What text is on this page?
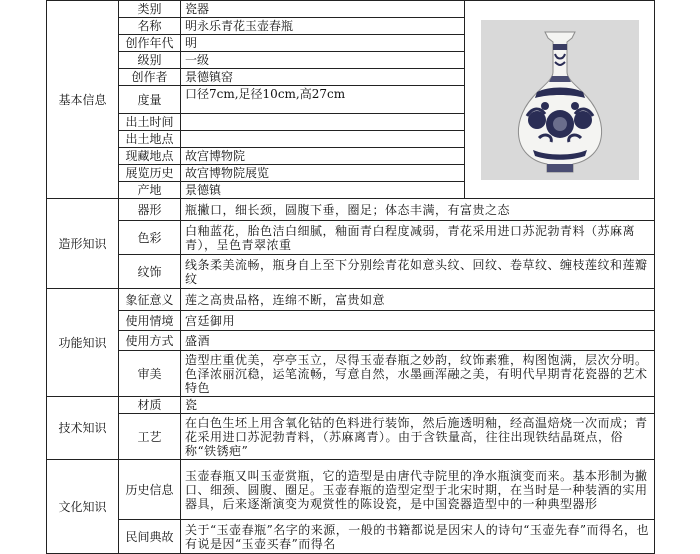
基本信息	类别	瓷器	

	名称	明永乐青花玉壶春瓶	
	创作年代	明	
	级别	一级	
	创作者	景德镇窑	
	度量	口径7cm,足径10cm,高27cm	
	出土时间		
	出土地点		
	现藏地点	故宫博物院	
	展览历史	故宫博物院展览	
	产地	景德镇	
造形知识	器形	瓶撇口，细长颈，圆腹下垂，圈足；体态丰满，有富贵之态	
	色彩	白釉蓝花，胎色洁白细腻，釉面青白程度减弱，青花采用进口苏泥勃青料（苏麻离青），呈色青翠浓重	
	纹饰	线条柔美流畅，瓶身自上至下分别绘青花如意头纹、回纹、卷草纹、缠枝莲纹和莲瓣纹	
功能知识	象征意义	莲之高贵品格，连绵不断，富贵如意	
	使用情境	宫廷御用	
	使用方式	盛酒	
	审美	造型庄重优美，亭亭玉立，尽得玉壶春瓶之妙韵，纹饰素雅，构图饱满，层次分明。色泽浓丽沉稳，运笔流畅，写意自然，水墨画浑融之美，有明代早期青花瓷器的艺术特色	
技术知识	材质	瓷	
	工艺	在白色生坯上用含氧化钴的色料进行装饰，然后施透明釉，经高温焙烧一次而成；青花采用进口苏泥勃青料，（苏麻离青）。由于含铁量高，往往出现铁结晶斑点，俗称“铁锈疤”	
文化知识	历史信息	玉壶春瓶又叫玉壶赏瓶，它的造型是由唐代寺院里的净水瓶演变而来。基本形制为撇口、细颈、圆腹、圈足。玉壶春瓶的造型定型于北宋时期，在当时是一种装酒的实用器具，后来逐渐演变为观赏性的陈设瓷，是中国瓷器造型中的一种典型器形	
	民间典故	关于“玉壶春瓶”名字的来源，一般的书籍都说是因宋人的诗句“玉壶先春”而得名，也有说是因“玉壶买春”而得名	
